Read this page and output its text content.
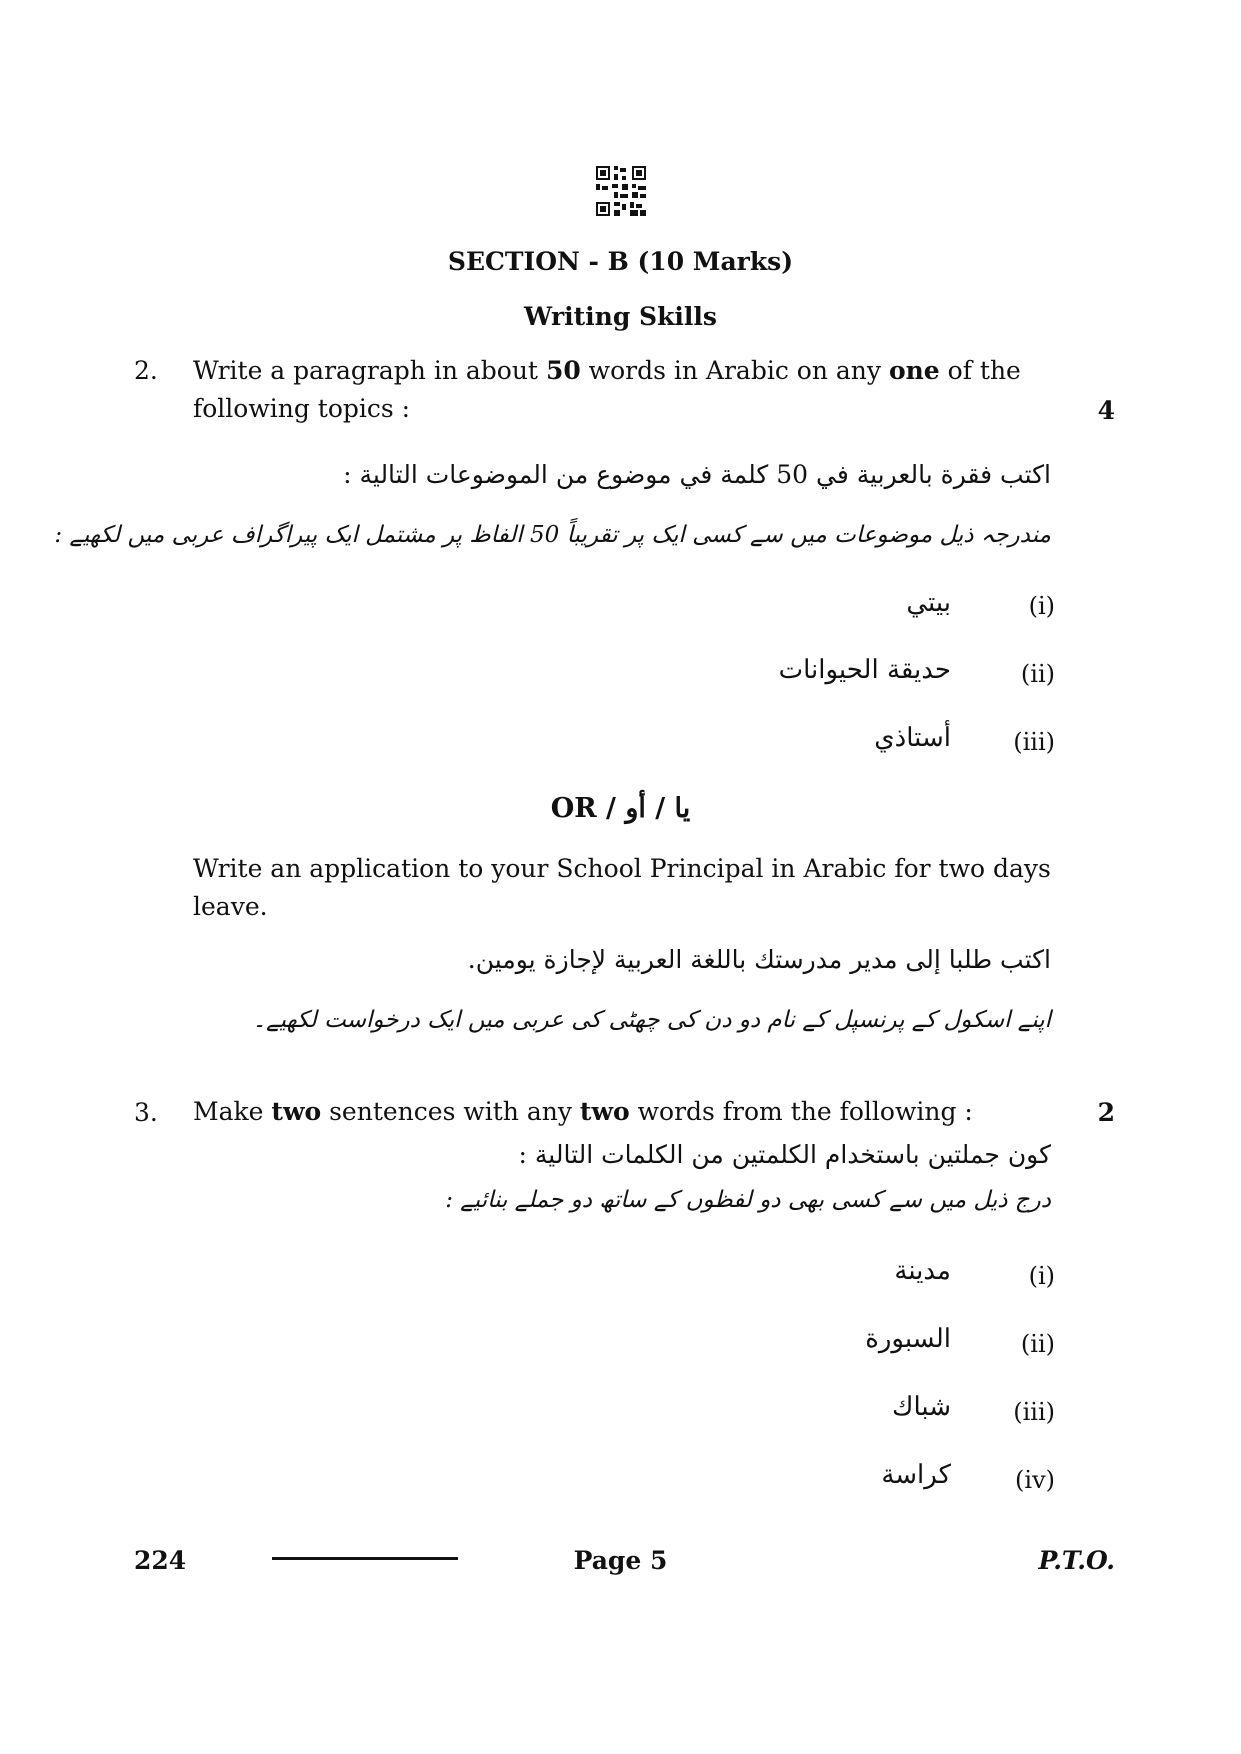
SECTION - B (10 Marks)
Writing Skills
2. Write a paragraph in about 50 words in Arabic on any one of the following topics :	4
اكتب فقرة بالعربية في 50 كلمة في موضوع من الموضوعات التالية :
مندرجہ ذیل موضوعات میں سے کسی ایک پر تقریباً 50 الفاظ پر مشتمل ایک پیراگراف عربی میں لکھیے :
(i)
بيتي
(ii)
حديقة الحيوانات
(iii)
أستاذي
OR / یا / أو
Write an application to your School Principal in Arabic for two days leave.
اكتب طلبا إلى مدير مدرستك باللغة العربية لإجازة يومين.
اپنے اسکول کے پرنسپل کے نام دو دن کی چھٹی کی عربی میں ایک درخواست لکھیے۔
3. Make two sentences with any two words from the following :	2
كون جملتين باستخدام الكلمتين من الكلمات التالية :
درج ذیل میں سے کسی بھی دو لفظوں کے ساتھ دو جملے بنائیے :
(i)
مدينة
(ii)
السبورة
(iii)
شباك
(iv)
كراسة
224	Page 5	P.T.O.
